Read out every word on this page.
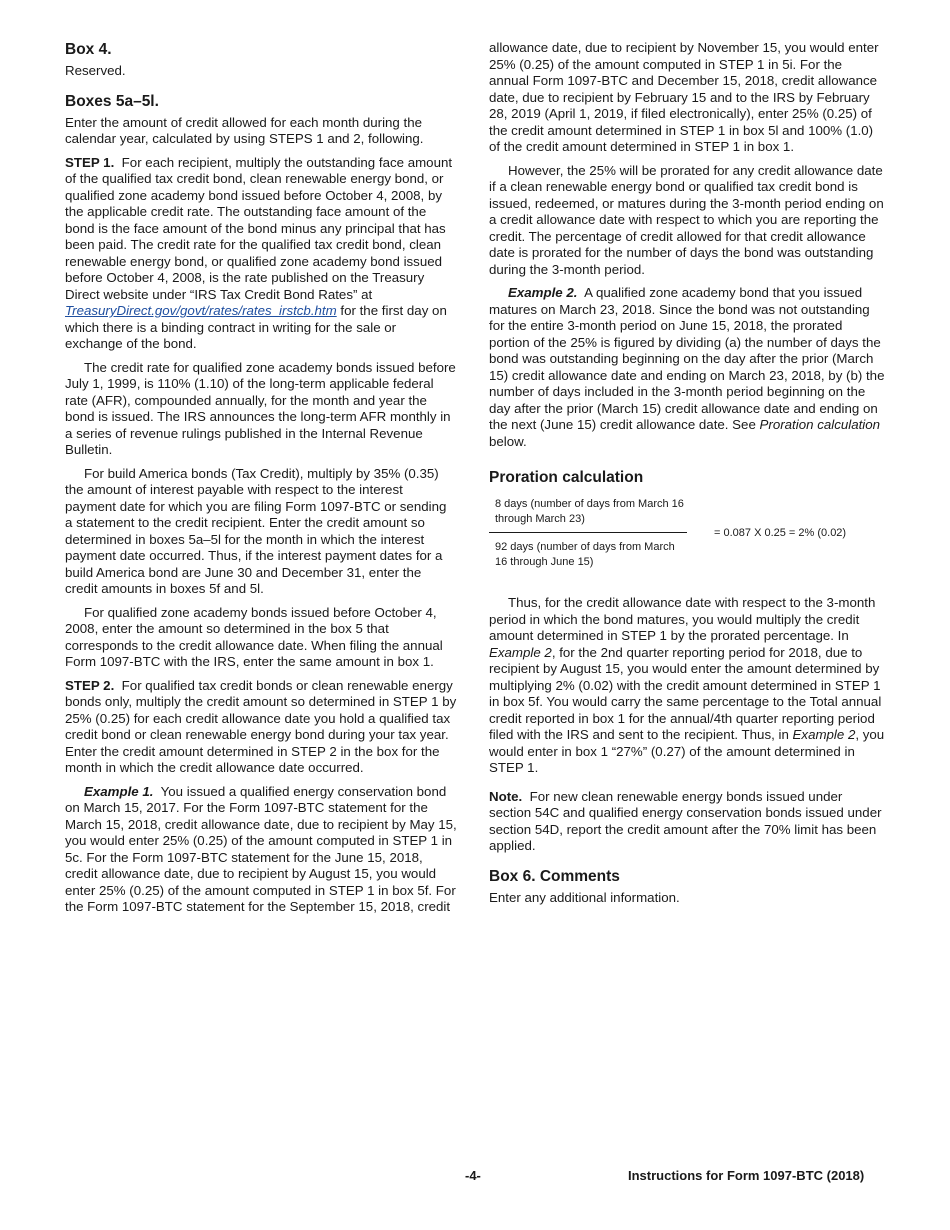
Box 4.

Reserved.

Boxes 5a–5l.

Enter the amount of credit allowed for each month during the calendar year, calculated by using STEPS 1 and 2, following.

STEP 1. For each recipient, multiply the outstanding face amount of the qualified tax credit bond, clean renewable energy bond, or qualified zone academy bond issued before October 4, 2008, by the applicable credit rate. The outstanding face amount of the bond is the face amount of the bond minus any principal that has been paid. The credit rate for the qualified tax credit bond, clean renewable energy bond, or qualified zone academy bond issued before October 4, 2008, is the rate published on the Treasury Direct website under “IRS Tax Credit Bond Rates” at TreasuryDirect.gov/govt/rates/rates_irstcb.htm for the first day on which there is a binding contract in writing for the sale or exchange of the bond.

The credit rate for qualified zone academy bonds issued before July 1, 1999, is 110% (1.10) of the long-term applicable federal rate (AFR), compounded annually, for the month and year the bond is issued. The IRS announces the long-term AFR monthly in a series of revenue rulings published in the Internal Revenue Bulletin.

For build America bonds (Tax Credit), multiply by 35% (0.35) the amount of interest payable with respect to the interest payment date for which you are filing Form 1097-BTC or sending a statement to the credit recipient. Enter the credit amount so determined in boxes 5a–5l for the month in which the interest payment date occurred. Thus, if the interest payment dates for a build America bond are June 30 and December 31, enter the credit amounts in boxes 5f and 5l.

For qualified zone academy bonds issued before October 4, 2008, enter the amount so determined in the box 5 that corresponds to the credit allowance date. When filing the annual Form 1097-BTC with the IRS, enter the same amount in box 1.

STEP 2. For qualified tax credit bonds or clean renewable energy bonds only, multiply the credit amount so determined in STEP 1 by 25% (0.25) for each credit allowance date you hold a qualified tax credit bond or clean renewable energy bond during your tax year. Enter the credit amount determined in STEP 2 in the box for the month in which the credit allowance date occurred.

Example 1. You issued a qualified energy conservation bond on March 15, 2017. For the Form 1097-BTC statement for the March 15, 2018, credit allowance date, due to recipient by May 15, you would enter 25% (0.25) of the amount computed in STEP 1 in 5c. For the Form 1097-BTC statement for the June 15, 2018, credit allowance date, due to recipient by August 15, you would enter 25% (0.25) of the amount computed in STEP 1 in box 5f. For the Form 1097-BTC statement for the September 15, 2018, credit

allowance date, due to recipient by November 15, you would enter 25% (0.25) of the amount computed in STEP 1 in 5i. For the annual Form 1097-BTC and December 15, 2018, credit allowance date, due to recipient by February 15 and to the IRS by February 28, 2019 (April 1, 2019, if filed electronically), enter 25% (0.25) of the credit amount determined in STEP 1 in box 5l and 100% (1.0) of the credit amount determined in STEP 1 in box 1.

However, the 25% will be prorated for any credit allowance date if a clean renewable energy bond or qualified tax credit bond is issued, redeemed, or matures during the 3-month period ending on a credit allowance date with respect to which you are reporting the credit. The percentage of credit allowed for that credit allowance date is prorated for the number of days the bond was outstanding during the 3-month period.

Example 2. A qualified zone academy bond that you issued matures on March 23, 2018. Since the bond was not outstanding for the entire 3-month period on June 15, 2018, the prorated portion of the 25% is figured by dividing (a) the number of days the bond was outstanding beginning on the day after the prior (March 15) credit allowance date and ending on March 23, 2018, by (b) the number of days included in the 3-month period beginning on the day after the prior (March 15) credit allowance date and ending on the next (June 15) credit allowance date. See Proration calculation below.

Proration calculation
8 days (number of days from March 16 through March 23)
92 days (number of days from March 16 through June 15)
= 0.087 X 0.25 = 2% (0.02)

Thus, for the credit allowance date with respect to the 3-month period in which the bond matures, you would multiply the credit amount determined in STEP 1 by the prorated percentage. In Example 2, for the 2nd quarter reporting period for 2018, due to recipient by August 15, you would enter the amount determined by multiplying 2% (0.02) with the credit amount determined in STEP 1 in box 5f. You would carry the same percentage to the Total annual credit reported in box 1 for the annual/4th quarter reporting period filed with the IRS and sent to the recipient. Thus, in Example 2, you would enter in box 1 “27%” (0.27) of the amount determined in STEP 1.

Note. For new clean renewable energy bonds issued under section 54C and qualified energy conservation bonds issued under section 54D, report the credit amount after the 70% limit has been applied.

Box 6. Comments

Enter any additional information.

-4-	Instructions for Form 1097-BTC (2018)
